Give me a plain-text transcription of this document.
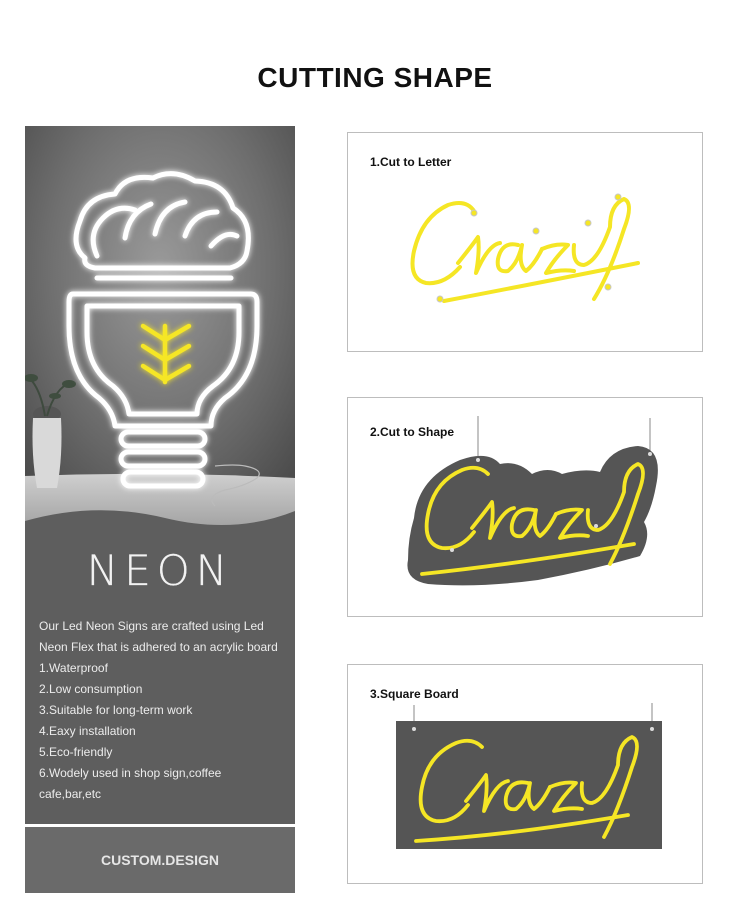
CUTTING SHAPE
NEON
Our Led Neon Signs are crafted using Led
Neon Flex that is adhered to an acrylic board
1.Waterproof
2.Low consumption
3.Suitable for long-term work
4.Eaxy installation
5.Eco-friendly
6.Wodely used in shop sign,coffee
cafe,bar,etc
CUSTOM.DESIGN
1.Cut to Letter
2.Cut to Shape
3.Square Board
